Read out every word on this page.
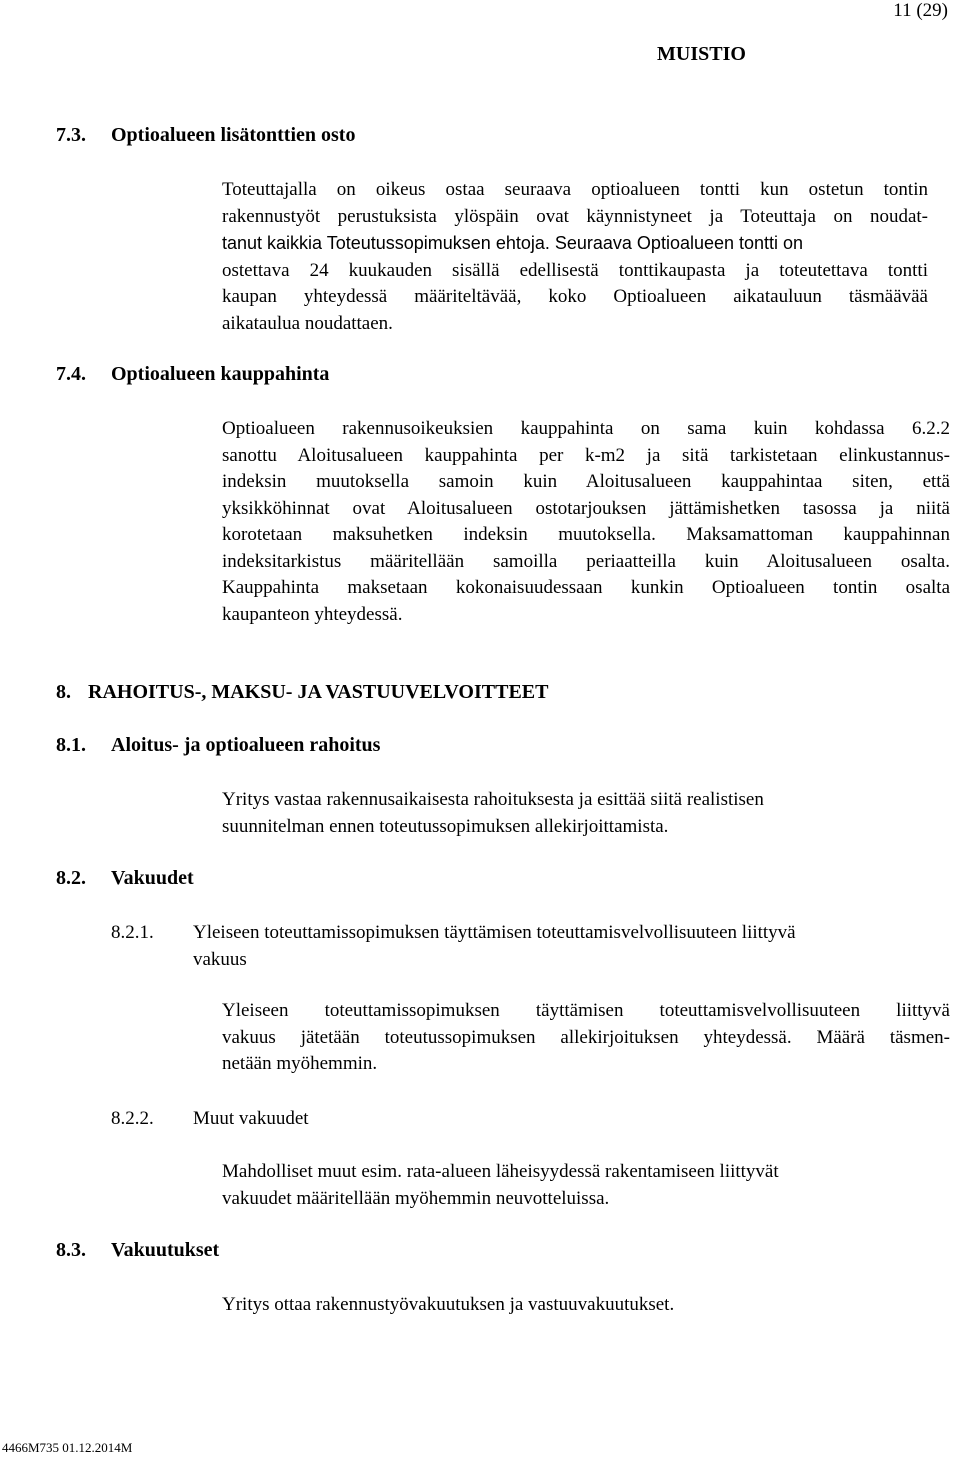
11 (29)
MUISTIO
7.3. Optioalueen lisätonttien osto
Toteuttajalla on oikeus ostaa seuraava optioalueen tontti kun ostetun tontin
rakennustyöt perustuksista ylöspäin ovat käynnistyneet ja Toteuttaja on noudat-
tanut kaikkia Toteutussopimuksen ehtoja. Seuraava Optioalueen tontti on
ostettava 24 kuukauden sisällä edellisestä tonttikaupasta ja toteutettava tontti
kaupan yhteydessä määriteltävää, koko Optioalueen aikatauluun täsmäävää
aikataulua noudattaen.
7.4. Optioalueen kauppahinta
Optioalueen rakennusoikeuksien kauppahinta on sama kuin kohdassa 6.2.2
sanottu Aloitusalueen kauppahinta per k-m2 ja sitä tarkistetaan elinkustannus-
indeksin muutoksella samoin kuin Aloitusalueen kauppahintaa siten, että
yksikköhinnat ovat Aloitusalueen ostotarjouksen jättämishetken tasossa ja niitä
korotetaan maksuhetken indeksin muutoksella. Maksamattoman kauppahinnan
indeksitarkistus määritellään samoilla periaatteilla kuin Aloitusalueen osalta.
Kauppahinta maksetaan kokonaisuudessaan kunkin Optioalueen tontin osalta
kaupanteon yhteydessä.
8. RAHOITUS-, MAKSU- JA VASTUUVELVOITTEET
8.1. Aloitus- ja optioalueen rahoitus
Yritys vastaa rakennusaikaisesta rahoituksesta ja esittää siitä realistisen
suunnitelman ennen toteutussopimuksen allekirjoittamista.
8.2. Vakuudet
8.2.1. Yleiseen toteuttamissopimuksen täyttämisen toteuttamisvelvollisuuteen liittyvä
vakuus
Yleiseen toteuttamissopimuksen täyttämisen toteuttamisvelvollisuuteen liittyvä
vakuus jätetään toteutussopimuksen allekirjoituksen yhteydessä. Määrä täsmen-
netään myöhemmin.
8.2.2. Muut vakuudet
Mahdolliset muut esim. rata-alueen läheisyydessä rakentamiseen liittyvät
vakuudet määritellään myöhemmin neuvotteluissa.
8.3. Vakuutukset
Yritys ottaa rakennustyövakuutuksen ja vastuuvakuutukset.
4466M735 01.12.2014M
